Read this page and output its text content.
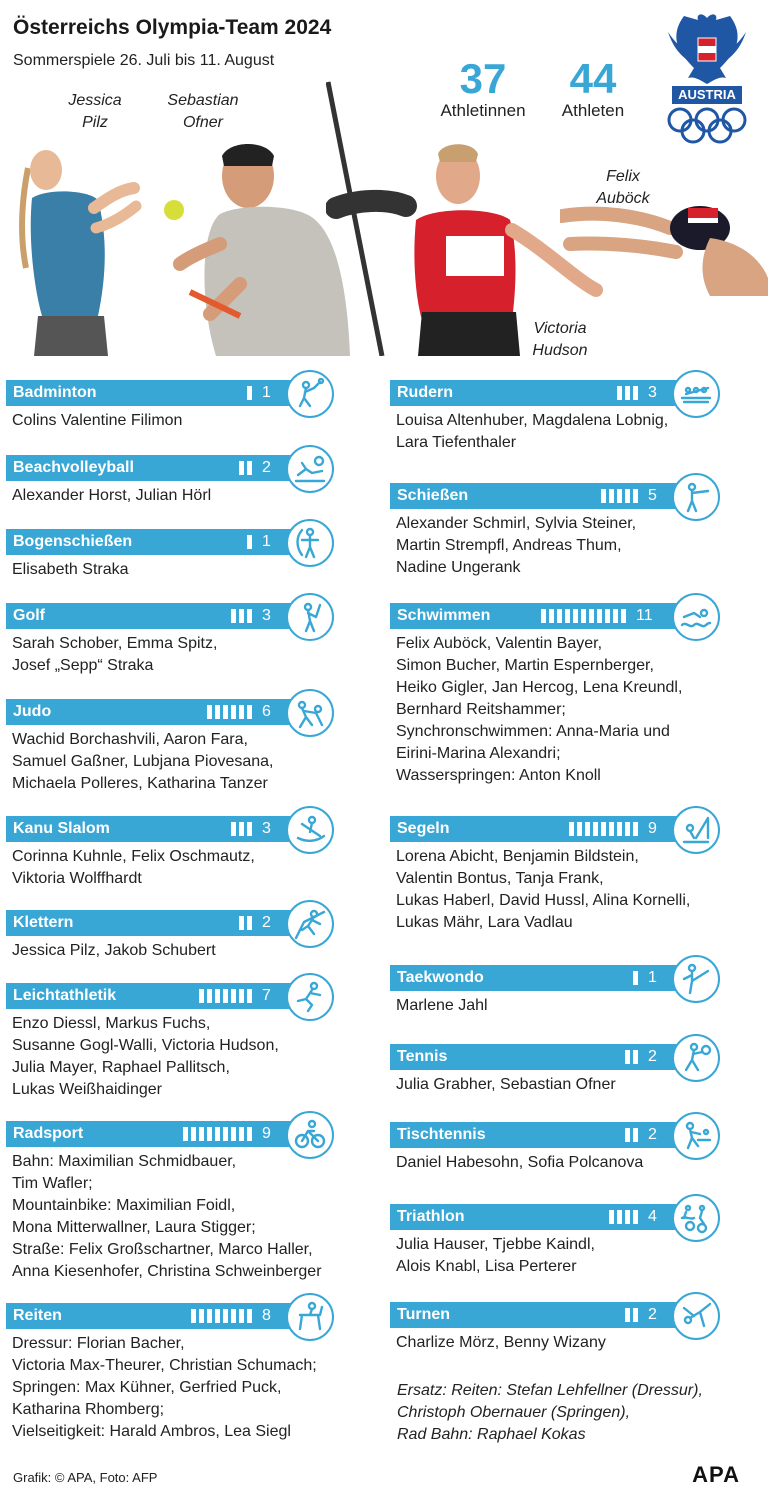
Österreichs Olympia-Team 2024
Sommerspiele 26. Juli bis 11. August	37
Athletinnen
44
Athleten
AUSTRIA
Jessica
Pilz
Sebastian
Ofner
Felix
Auböck
Victoria
Hudson
Badminton	1
Colins Valentine Filimon
Beachvolleyball	2
Alexander Horst, Julian Hörl
Bogenschießen	1
Elisabeth Straka
Golf	3
Sarah Schober, Emma Spitz,
Josef „Sepp“ Straka
Judo	6
Wachid Borchashvili, Aaron Fara,
Samuel Gaßner, Lubjana Piovesana,
Michaela Polleres, Katharina Tanzer
Kanu Slalom	3
Corinna Kuhnle, Felix Oschmautz,
Viktoria Wolffhardt
Klettern	2
Jessica Pilz, Jakob Schubert
Leichtathletik	7
Enzo Diessl, Markus Fuchs,
Susanne Gogl-Walli, Victoria Hudson,
Julia Mayer, Raphael Pallitsch,
Lukas Weißhaidinger
Radsport	9
Bahn: Maximilian Schmidbauer,
Tim Wafler;
Mountainbike: Maximilian Foidl,
Mona Mitterwallner, Laura Stigger;
Straße: Felix Großschartner, Marco Haller,
Anna Kiesenhofer, Christina Schweinberger
Reiten	8
Dressur: Florian Bacher,
Victoria Max-Theurer, Christian Schumach;
Springen: Max Kühner, Gerfried Puck,
Katharina Rhomberg;
Vielseitigkeit: Harald Ambros, Lea Siegl
Rudern	3
Louisa Altenhuber, Magdalena Lobnig,
Lara Tiefenthaler
Schießen	5
Alexander Schmirl, Sylvia Steiner,
Martin Strempfl, Andreas Thum,
Nadine Ungerank
Schwimmen	11
Felix Auböck, Valentin Bayer,
Simon Bucher, Martin Espernberger,
Heiko Gigler, Jan Hercog, Lena Kreundl,
Bernhard Reitshammer;
Synchronschwimmen: Anna-Maria und
Eirini-Marina Alexandri;
Wasserspringen: Anton Knoll
Segeln	9
Lorena Abicht, Benjamin Bildstein,
Valentin Bontus, Tanja Frank,
Lukas Haberl, David Hussl, Alina Kornelli,
Lukas Mähr, Lara Vadlau
Taekwondo	1
Marlene Jahl
Tennis	2
Julia Grabher, Sebastian Ofner
Tischtennis	2
Daniel Habesohn, Sofia Polcanova
Triathlon	4
Julia Hauser, Tjebbe Kaindl,
Alois Knabl, Lisa Perterer
Turnen	2
Charlize Mörz, Benny Wizany
Ersatz: Reiten: Stefan Lehfellner (Dressur),
Christoph Obernauer (Springen),
Rad Bahn: Raphael Kokas
Grafik: © APA, Foto: AFP	APA
